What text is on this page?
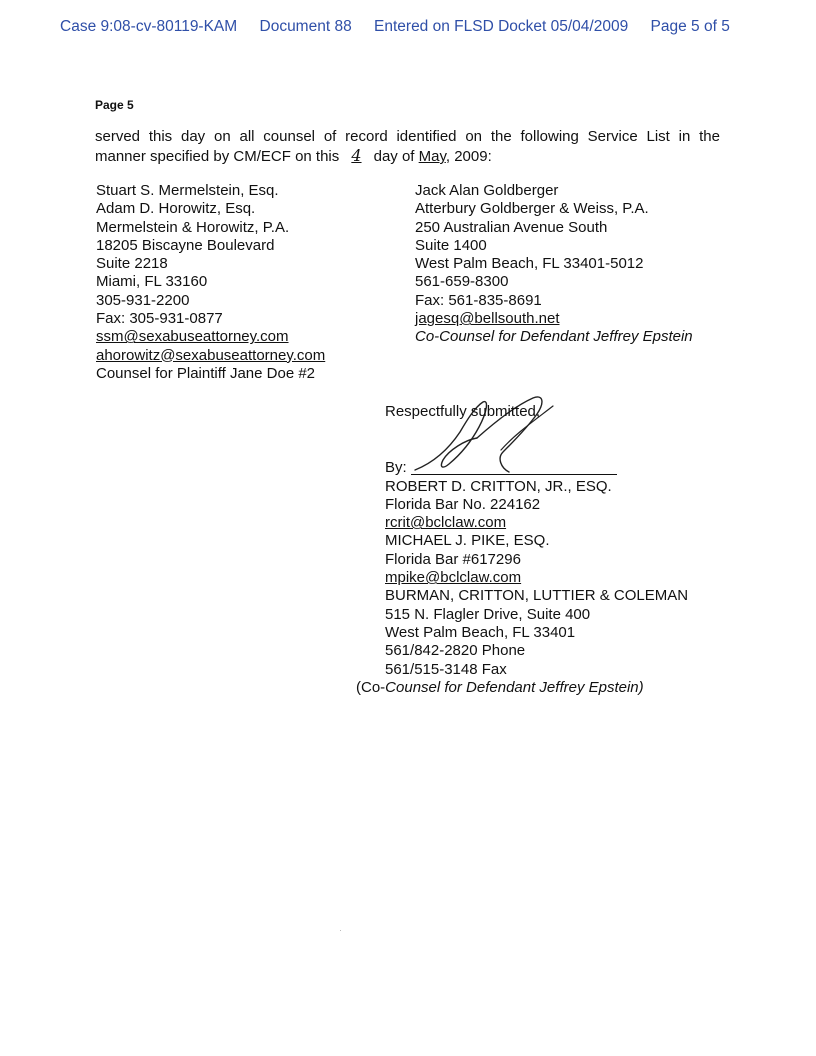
Case 9:08-cv-80119-KAM Document 88 Entered on FLSD Docket 05/04/2009 Page 5 of 5
Page 5
served this day on all counsel of record identified on the following Service List in the
manner specified by CM/ECF on this 4 day of May, 2009:
Stuart S. Mermelstein, Esq.
Adam D. Horowitz, Esq.
Mermelstein & Horowitz, P.A.
18205 Biscayne Boulevard
Suite 2218
Miami, FL 33160
305-931-2200
Fax: 305-931-0877
ssm@sexabuseattorney.com
ahorowitz@sexabuseattorney.com
Counsel for Plaintiff Jane Doe #2
Jack Alan Goldberger
Atterbury Goldberger & Weiss, P.A.
250 Australian Avenue South
Suite 1400
West Palm Beach, FL 33401-5012
561-659-8300
Fax: 561-835-8691
jagesq@bellsouth.net
Co-Counsel for Defendant Jeffrey Epstein
Respectfully submitted,
By:
ROBERT D. CRITTON, JR., ESQ.
Florida Bar No. 224162
rcrit@bclclaw.com
MICHAEL J. PIKE, ESQ.
Florida Bar #617296
mpike@bclclaw.com
BURMAN, CRITTON, LUTTIER & COLEMAN
515 N. Flagler Drive, Suite 400
West Palm Beach, FL 33401
561/842-2820 Phone
561/515-3148 Fax
(Co-Counsel for Defendant Jeffrey Epstein)
